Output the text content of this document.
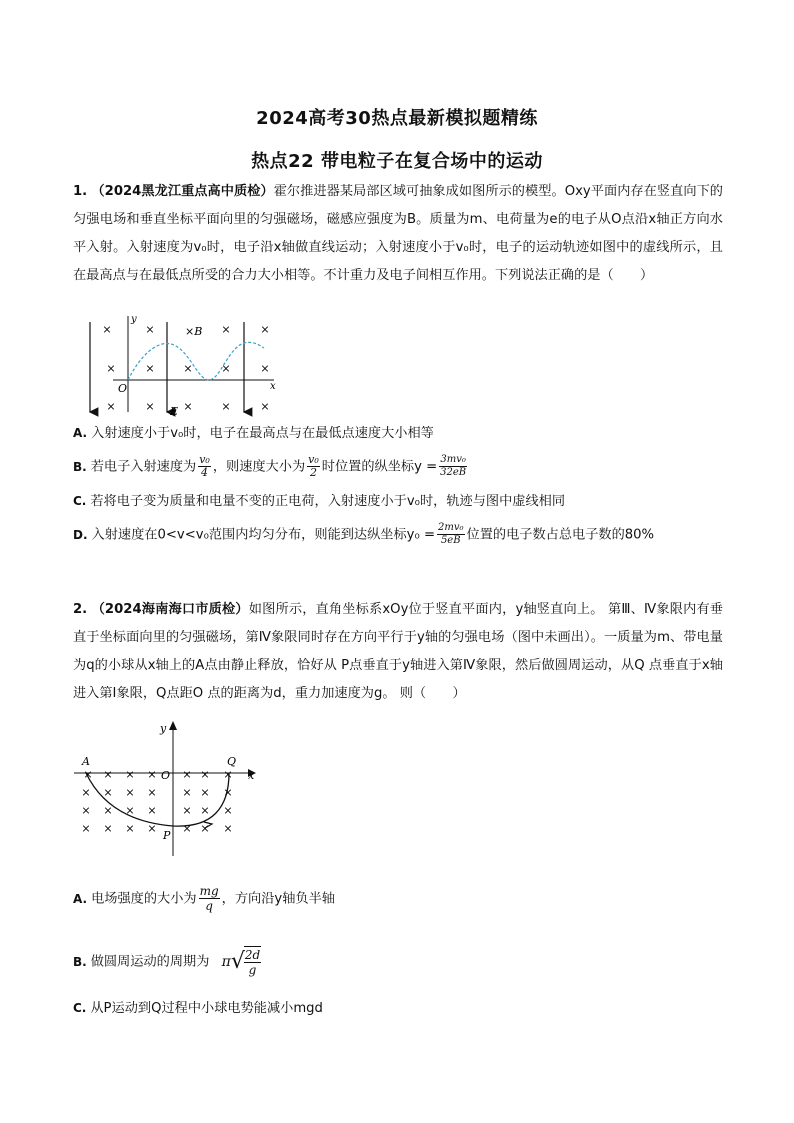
2024高考30热点最新模拟题精练
热点22 带电粒子在复合场中的运动
1. （2024黑龙江重点高中质检）霍尔推进器某局部区域可抽象成如图所示的模型。Oxy平面内存在竖直向下的匀强电场和垂直坐标平面向里的匀强磁场，磁感应强度为B。质量为m、电荷量为e的电子从O点沿x轴正方向水平入射。入射速度为v₀时，电子沿x轴做直线运动；入射速度小于v₀时，电子的运动轨迹如图中的虚线所示，且在最高点与在最低点所受的合力大小相等。不计重力及电子间相互作用。下列说法正确的是（　　）
×	×	×B ×	×
×	×	×	×	×
×	×	×	×	×
y
x
O
E
A. 入射速度小于v₀时，电子在最高点与在最低点速度大小相等
B. 若电子入射速度为 $\frac{\text{v₀}}{4}$ ，则速度大小为 $\frac{\text{v₀}}{2}$ 时位置的纵坐标$y = \frac{\text{3mv₀}}{32eB}$
C. 若将电子变为质量和电量不变的正电荷，入射速度小于v₀时，轨迹与图中虚线相同
D. 入射速度在0<v<v₀范围内均匀分布，则能到达纵坐标$y_0 = \frac{\text{2mv₀}}{5eB}$ 位置的电子数占总电子数的80%
2. （2024海南海口市质检）如图所示，直角坐标系xOy位于竖直平面内，y轴竖直向上。 第Ⅲ、Ⅳ象限内有垂直于坐标面向里的匀强磁场，第Ⅳ象限同时存在方向平行于y轴的匀强电场（图中未画出）。一质量为m、带电量为q的小球从x轴上的A点由静止释放，恰好从 P点垂直于y轴进入第Ⅳ象限，然后做圆周运动，从Q 点垂直于x轴进入第Ⅰ象限，Q点距O 点的距离为d，重力加速度为g。 则（　　）
A	Q
O
P
y
x
× × × × × × ×
× × × × × × ×
× × × × × × ×
× × × × × × ×
A. 电场强度的大小为 $\frac{mg}{q}$ ，方向沿y轴负半轴
B. 做圆周运动的周期为 $\pi√ \frac{2d}{g}$
C. 从P运动到Q过程中小球电势能减小mgd
